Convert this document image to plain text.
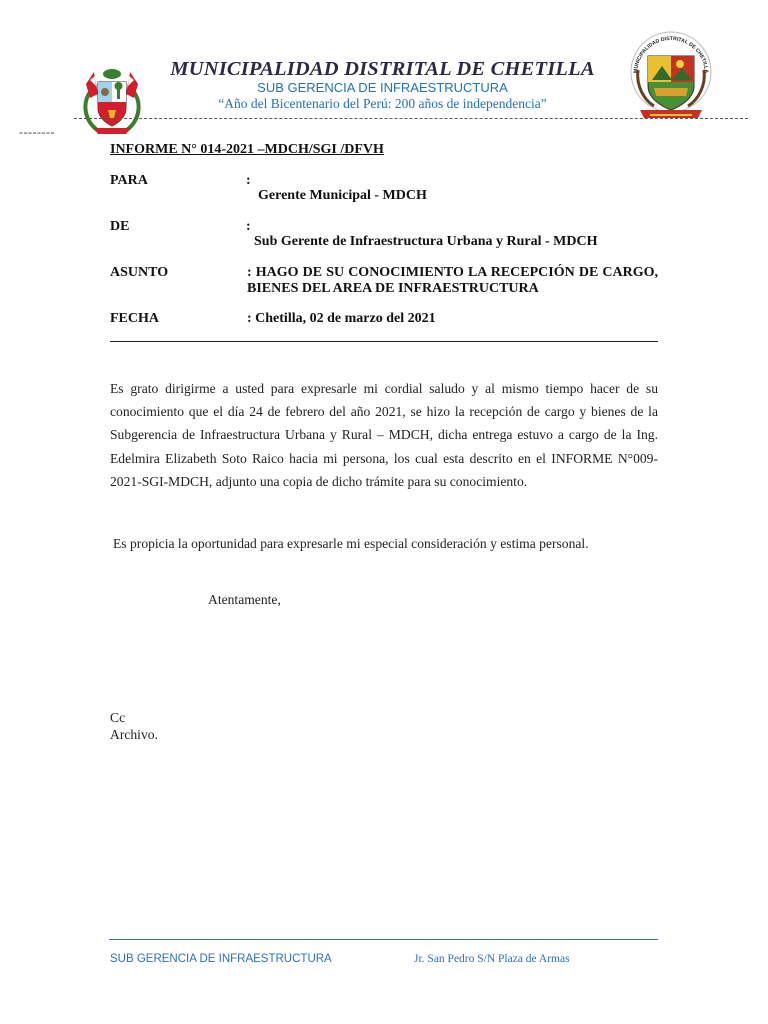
MUNICIPALIDAD DISTRITAL DE CHETILLA
MUNICIPALIDAD DISTRITAL DE CHETILLA
SUB GERENCIA DE INFRAESTRUCTURA
“Año del Bicentenario del Perú: 200 años de independencia”
--------
INFORME N° 014-2021 –MDCH/SGI /DFVH
PARA	:
Gerente Municipal - MDCH
DE	:
Sub Gerente de Infraestructura Urbana y Rural - MDCH
ASUNTO	: HAGO DE SU CONOCIMIENTO LA RECEPCIÓN DE CARGO, BIENES DEL AREA DE INFRAESTRUCTURA
FECHA	: Chetilla, 02 de marzo del 2021
Es grato dirigirme a usted para expresarle mi cordial saludo y al mismo tiempo hacer de su conocimiento que el día 24 de febrero del año 2021, se hizo la recepción de cargo y bienes de la Subgerencia de Infraestructura Urbana y Rural – MDCH, dicha entrega estuvo a cargo de la Ing. Edelmira Elizabeth Soto Raico hacia mi persona, los cual esta descrito en el INFORME N°009-2021-SGI-MDCH, adjunto una copia de dicho trámite para su conocimiento.
Es propicia la oportunidad para expresarle mi especial consideración y estima personal.
Atentamente,
Cc
Archivo.
SUB GERENCIA DE INFRAESTRUCTURA	Jr. San Pedro S/N Plaza de Armas
